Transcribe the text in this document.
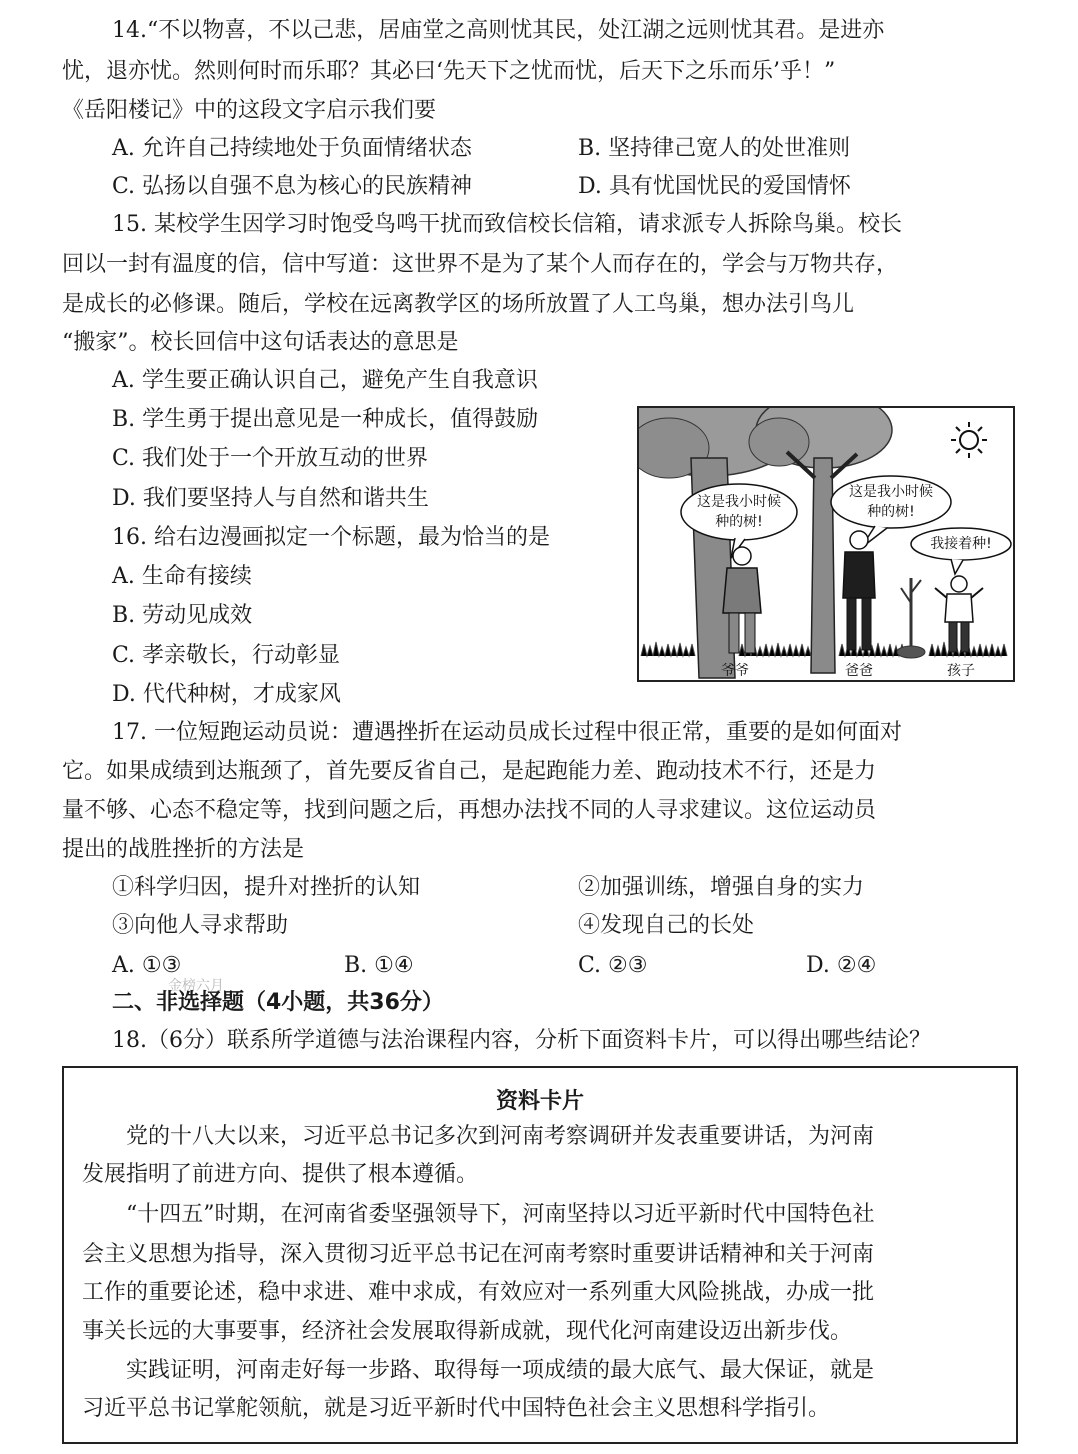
14.“不以物喜，不以己悲，居庙堂之高则忧其民，处江湖之远则忧其君。是进亦
忧，退亦忧。然则何时而乐耶？其必曰‘先天下之忧而忧，后天下之乐而乐’乎！”
《岳阳楼记》中的这段文字启示我们要
A. 允许自己持续地处于负面情绪状态	B. 坚持律己宽人的处世准则
C. 弘扬以自强不息为核心的民族精神	D. 具有忧国忧民的爱国情怀
15. 某校学生因学习时饱受鸟鸣干扰而致信校长信箱，请求派专人拆除鸟巢。校长
回以一封有温度的信，信中写道：这世界不是为了某个人而存在的，学会与万物共存，
是成长的必修课。随后，学校在远离教学区的场所放置了人工鸟巢，想办法引鸟儿
“搬家”。校长回信中这句话表达的意思是
A. 学生要正确认识自己，避免产生自我意识
B. 学生勇于提出意见是一种成长，值得鼓励
C. 我们处于一个开放互动的世界
D. 我们要坚持人与自然和谐共生
16. 给右边漫画拟定一个标题，最为恰当的是
A. 生命有接续
B. 劳动见成效
C. 孝亲敬长，行动彰显
D. 代代种树，才成家风
这是我小时候
种的树!
这是我小时候
种的树!
我接着种!
爷爷	爸爸	孩子
17. 一位短跑运动员说：遭遇挫折在运动员成长过程中很正常，重要的是如何面对
它。如果成绩到达瓶颈了，首先要反省自己，是起跑能力差、跑动技术不行，还是力
量不够、心态不稳定等，找到问题之后，再想办法找不同的人寻求建议。这位运动员
提出的战胜挫折的方法是
①科学归因，提升对挫折的认知	②加强训练，增强自身的实力
③向他人寻求帮助	④发现自己的长处
A. ①③	B. ①④	C. ②③	D. ②④
金榜六月
二、非选择题（4小题，共36分）
18.（6分）联系所学道德与法治课程内容，分析下面资料卡片，可以得出哪些结论？
资料卡片
党的十八大以来，习近平总书记多次到河南考察调研并发表重要讲话，为河南
发展指明了前进方向、提供了根本遵循。
“十四五”时期，在河南省委坚强领导下，河南坚持以习近平新时代中国特色社
会主义思想为指导，深入贯彻习近平总书记在河南考察时重要讲话精神和关于河南
工作的重要论述，稳中求进、难中求成，有效应对一系列重大风险挑战，办成一批
事关长远的大事要事，经济社会发展取得新成就，现代化河南建设迈出新步伐。
实践证明，河南走好每一步路、取得每一项成绩的最大底气、最大保证，就是
习近平总书记掌舵领航，就是习近平新时代中国特色社会主义思想科学指引。
